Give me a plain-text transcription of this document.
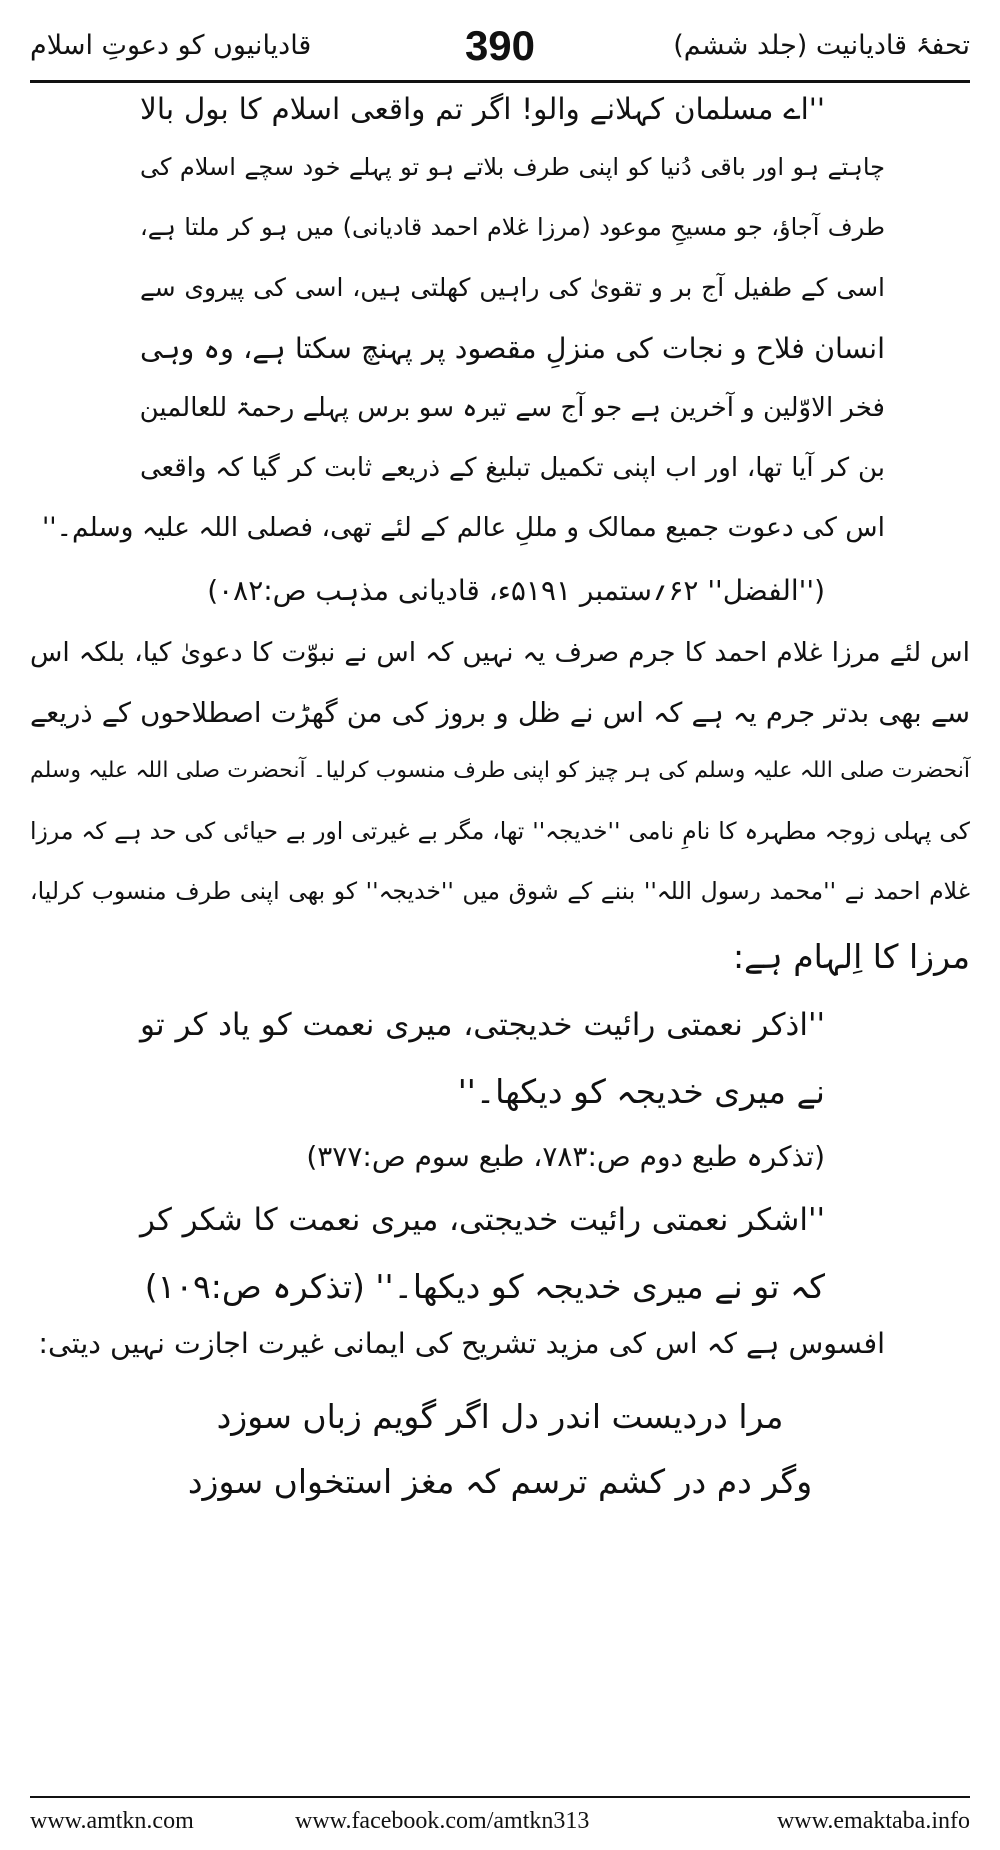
تحفۂ قادیانیت (جلد ششم)
390
قادیانیوں کو دعوتِ اسلام
''اے مسلمان کہلانے والو! اگر تم واقعی اسلام کا بول بالا
چاہتے ہو اور باقی دُنیا کو اپنی طرف بلاتے ہو تو پہلے خود سچے اسلام کی
طرف آجاؤ، جو مسیحِ موعود (مرزا غلام احمد قادیانی) میں ہو کر ملتا ہے،
اسی کے طفیل آج بر و تقویٰ کی راہیں کھلتی ہیں، اسی کی پیروی سے
انسان فلاح و نجات کی منزلِ مقصود پر پہنچ سکتا ہے، وہ وہی
فخر الاوّلین و آخرین ہے جو آج سے تیرہ سو برس پہلے رحمۃ للعالمین
بن کر آیا تھا، اور اب اپنی تکمیل تبلیغ کے ذریعے ثابت کر گیا کہ واقعی
اس کی دعوت جمیع ممالک و مللِ عالم کے لئے تھی، فصلی اللہ علیہ وسلم۔''
(''الفضل'' ۶۲؍ستمبر ۵۱۹۱ء، قادیانی مذہب ص:۰۸۲)
اس لئے مرزا غلام احمد کا جرم صرف یہ نہیں کہ اس نے نبوّت کا دعویٰ کیا، بلکہ اس
سے بھی بدتر جرم یہ ہے کہ اس نے ظل و بروز کی من گھڑت اصطلاحوں کے ذریعے
آنحضرت صلی اللہ علیہ وسلم کی ہر چیز کو اپنی طرف منسوب کرلیا۔ آنحضرت صلی اللہ علیہ وسلم
کی پہلی زوجہ مطہرہ کا نامِ نامی ''خدیجہ'' تھا، مگر بے غیرتی اور بے حیائی کی حد ہے کہ مرزا
غلام احمد نے ''محمد رسول اللہ'' بننے کے شوق میں ''خدیجہ'' کو بھی اپنی طرف منسوب کرلیا،
مرزا کا اِلہام ہے:
''اذکر نعمتی رائیت خدیجتی، میری نعمت کو یاد کر تو
نے میری خدیجہ کو دیکھا۔''
(تذکرہ طبع دوم ص:۷۸۳، طبع سوم ص:۳۷۷)
''اشکر نعمتی رائیت خدیجتی، میری نعمت کا شکر کر
کہ تو نے میری خدیجہ کو دیکھا۔'' (تذکرہ ص:۱۰۹)
افسوس ہے کہ اس کی مزید تشریح کی ایمانی غیرت اجازت نہیں دیتی:
مرا دردیست اندر دل اگر گویم زباں سوزد
وگر دم در کشم ترسم کہ مغز استخواں سوزد
www.amtkn.com	www.facebook.com/amtkn313	www.emaktaba.info
